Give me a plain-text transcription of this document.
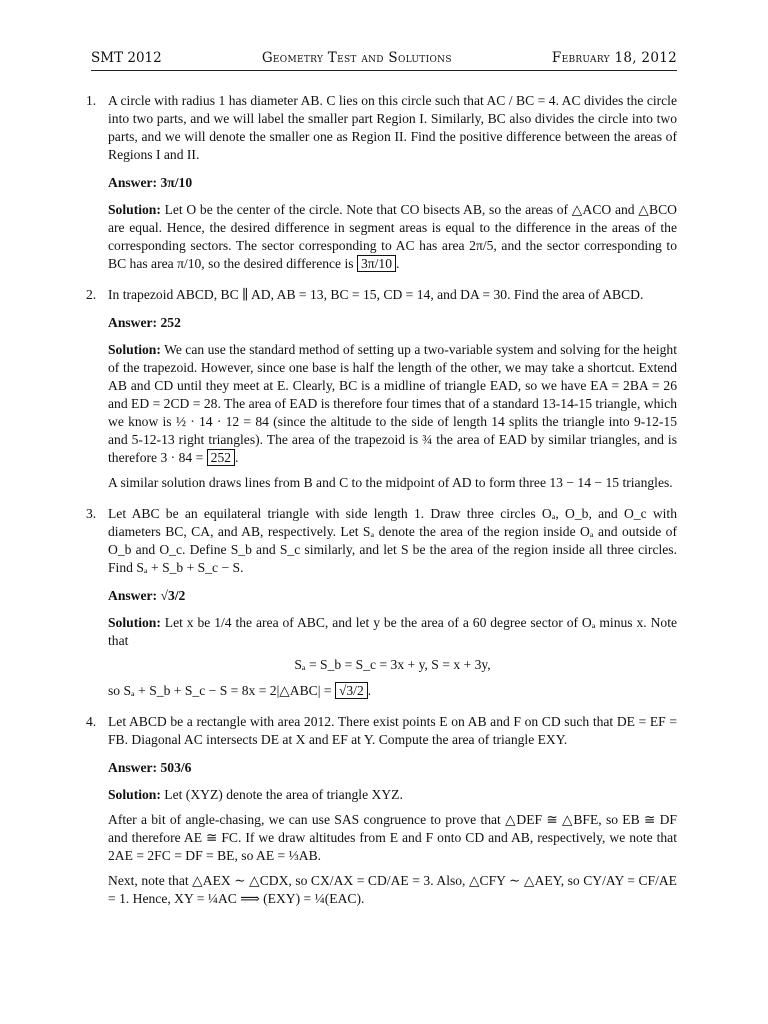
SMT 2012	Geometry Test and Solutions	February 18, 2012
1. A circle with radius 1 has diameter AB. C lies on this circle such that AC / BC = 4. AC divides the circle into two parts, and we will label the smaller part Region I. Similarly, BC also divides the circle into two parts, and we will denote the smaller one as Region II. Find the positive difference between the areas of Regions I and II.

Answer: 3π/10

Solution: Let O be the center of the circle. Note that CO bisects AB, so the areas of △ACO and △BCO are equal. Hence, the desired difference in segment areas is equal to the difference in the areas of the corresponding sectors. The sector corresponding to AC has area 2π/5, and the sector corresponding to BC has area π/10, so the desired difference is 3π/10 .

2. In trapezoid ABCD, BC ∥ AD, AB = 13, BC = 15, CD = 14, and DA = 30. Find the area of ABCD.

Answer: 252

Solution: We can use the standard method of setting up a two-variable system and solving for the height of the trapezoid. However, since one base is half the length of the other, we may take a shortcut. Extend AB and CD until they meet at E. Clearly, BC is a midline of triangle EAD, so we have EA = 2BA = 26 and ED = 2CD = 28. The area of EAD is therefore four times that of a standard 13-14-15 triangle, which we know is ½ · 14 · 12 = 84 (since the altitude to the side of length 14 splits the triangle into 9-12-15 and 5-12-13 right triangles). The area of the trapezoid is ¾ the area of EAD by similar triangles, and is therefore 3 · 84 = 252 .

A similar solution draws lines from B and C to the midpoint of AD to form three 13 − 14 − 15 triangles.

3. Let ABC be an equilateral triangle with side length 1. Draw three circles Oₐ, O_b, and O_c with diameters BC, CA, and AB, respectively. Let Sₐ denote the area of the region inside Oₐ and outside of O_b and O_c. Define S_b and S_c similarly, and let S be the area of the region inside all three circles. Find Sₐ + S_b + S_c − S.

Answer: √3/2

Solution: Let x be 1/4 the area of ABC, and let y be the area of a 60 degree sector of Oₐ minus x. Note that

Sₐ = S_b = S_c = 3x + y, S = x + 3y,

so Sₐ + S_b + S_c − S = 8x = 2|△ABC| = √3/2 .

4. Let ABCD be a rectangle with area 2012. There exist points E on AB and F on CD such that DE = EF = FB. Diagonal AC intersects DE at X and EF at Y. Compute the area of triangle EXY.

Answer: 503/6

Solution: Let (XYZ) denote the area of triangle XYZ.

After a bit of angle-chasing, we can use SAS congruence to prove that △DEF ≅ △BFE, so EB ≅ DF and therefore AE ≅ FC. If we draw altitudes from E and F onto CD and AB, respectively, we note that 2AE = 2FC = DF = BE, so AE = ⅓AB.

Next, note that △AEX ∼ △CDX, so CX/AX = CD/AE = 3. Also, △CFY ∼ △AEY, so CY/AY = CF/AE = 1. Hence, XY = ¼AC ⟹ (EXY) = ¼(EAC).
